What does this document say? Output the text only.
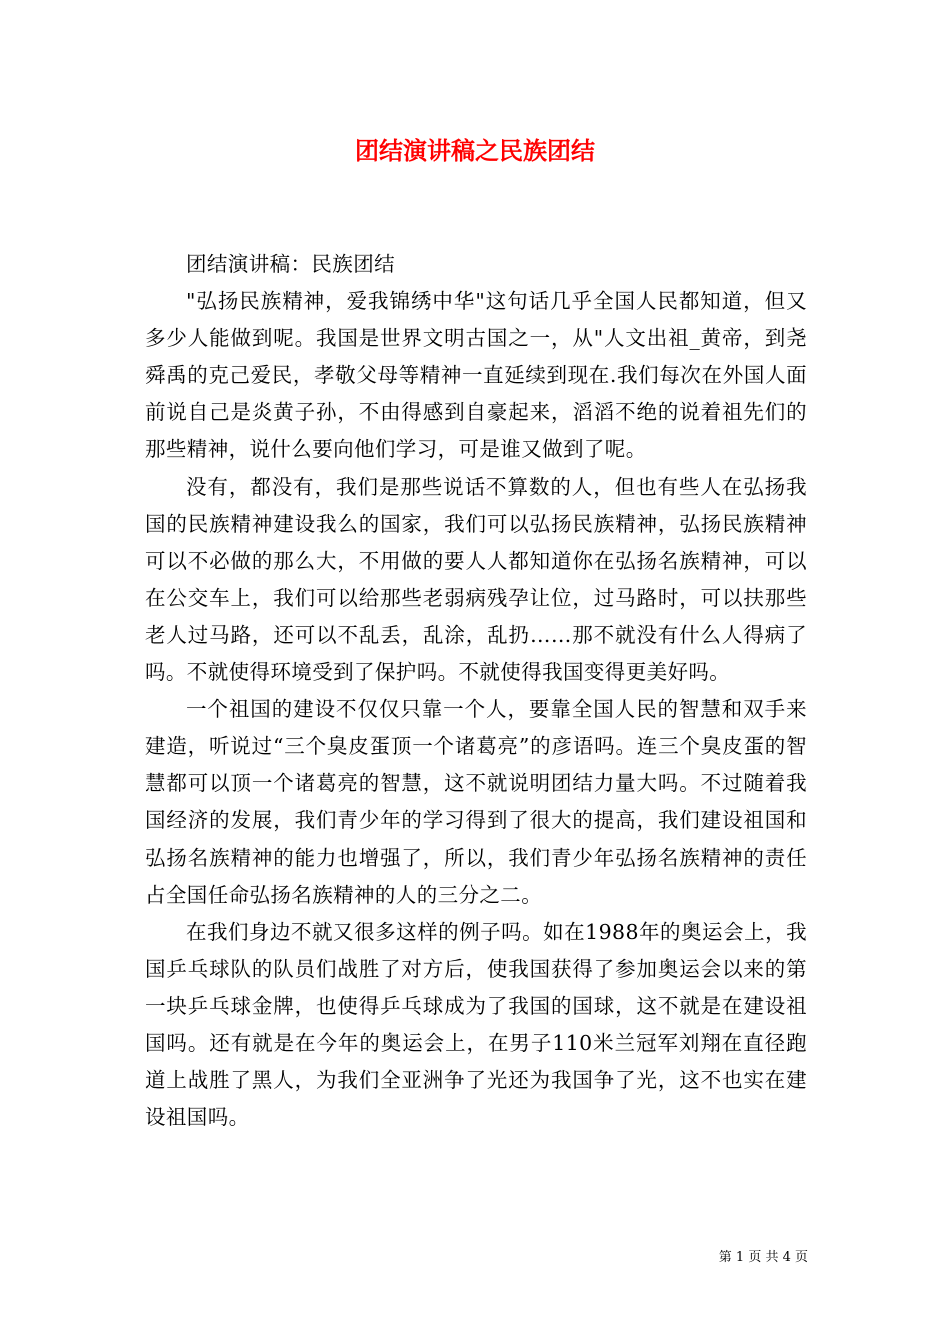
团结演讲稿之民族团结

团结演讲稿：民族团结

"弘扬民族精神，爱我锦绣中华"这句话几乎全国人民都知道，但又多少人能做到呢。我国是世界文明古国之一，从"人文出祖_黄帝，到尧舜禹的克己爱民，孝敬父母等精神一直延续到现在.我们每次在外国人面前说自己是炎黄子孙，不由得感到自豪起来，滔滔不绝的说着祖先们的那些精神，说什么要向他们学习，可是谁又做到了呢。

没有，都没有，我们是那些说话不算数的人，但也有些人在弘扬我国的民族精神建设我么的国家，我们可以弘扬民族精神，弘扬民族精神可以不必做的那么大，不用做的要人人都知道你在弘扬名族精神，可以在公交车上，我们可以给那些老弱病残孕让位，过马路时，可以扶那些老人过马路，还可以不乱丢，乱涂，乱扔……那不就没有什么人得病了吗。不就使得环境受到了保护吗。不就使得我国变得更美好吗。

一个祖国的建设不仅仅只靠一个人，要靠全国人民的智慧和双手来建造，听说过“三个臭皮蛋顶一个诸葛亮”的彦语吗。连三个臭皮蛋的智慧都可以顶一个诸葛亮的智慧，这不就说明团结力量大吗。不过随着我国经济的发展，我们青少年的学习得到了很大的提高，我们建设祖国和弘扬名族精神的能力也增强了，所以，我们青少年弘扬名族精神的责任占全国任命弘扬名族精神的人的三分之二。

在我们身边不就又很多这样的例子吗。如在1988年的奥运会上，我国乒乓球队的队员们战胜了对方后，使我国获得了参加奥运会以来的第一块乒乓球金牌，也使得乒乓球成为了我国的国球，这不就是在建设祖国吗。还有就是在今年的奥运会上，在男子110米兰冠军刘翔在直径跑道上战胜了黑人，为我们全亚洲争了光还为我国争了光，这不也实在建设祖国吗。

第 1 页 共 4 页
